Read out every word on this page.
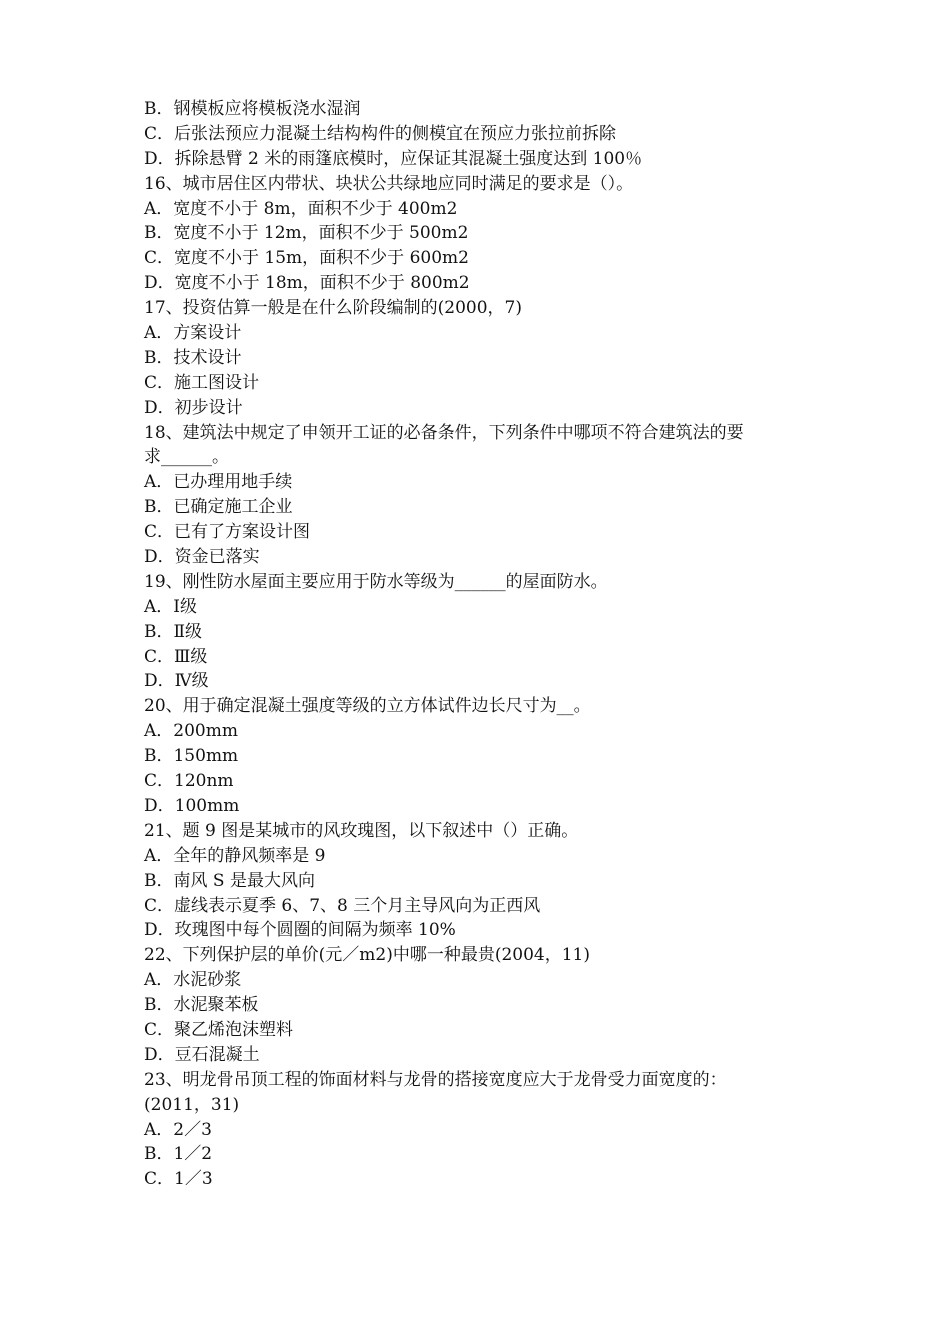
B．钢模板应将模板浇水湿润
C．后张法预应力混凝土结构构件的侧模宜在预应力张拉前拆除
D．拆除悬臂 2 米的雨篷底模时，应保证其混凝土强度达到 100％
16、城市居住区内带状、块状公共绿地应同时满足的要求是（）。
A．宽度不小于 8m，面积不少于 400m2
B．宽度不小于 12m，面积不少于 500m2
C．宽度不小于 15m，面积不少于 600m2
D．宽度不小于 18m，面积不少于 800m2
17、投资估算一般是在什么阶段编制的(2000，7)
A．方案设计
B．技术设计
C．施工图设计
D．初步设计
18、建筑法中规定了申领开工证的必备条件，下列条件中哪项不符合建筑法的要
求______。
A．已办理用地手续
B．已确定施工企业
C．已有了方案设计图
D．资金已落实
19、刚性防水屋面主要应用于防水等级为______的屋面防水。
A．Ⅰ级
B．Ⅱ级
C．Ⅲ级
D．Ⅳ级
20、用于确定混凝土强度等级的立方体试件边长尺寸为__。
A．200mm
B．150mm
C．120nm
D．100mm
21、题 9 图是某城市的风玫瑰图，以下叙述中（）正确。
A．全年的静风频率是 9
B．南风 S 是最大风向
C．虚线表示夏季 6、7、8 三个月主导风向为正西风
D．玫瑰图中每个圆圈的间隔为频率 10%
22、下列保护层的单价(元／m2)中哪一种最贵(2004，11)
A．水泥砂浆
B．水泥聚苯板
C．聚乙烯泡沫塑料
D．豆石混凝土
23、明龙骨吊顶工程的饰面材料与龙骨的搭接宽度应大于龙骨受力面宽度的：
(2011，31)
A．2／3
B．1／2
C．1／3
